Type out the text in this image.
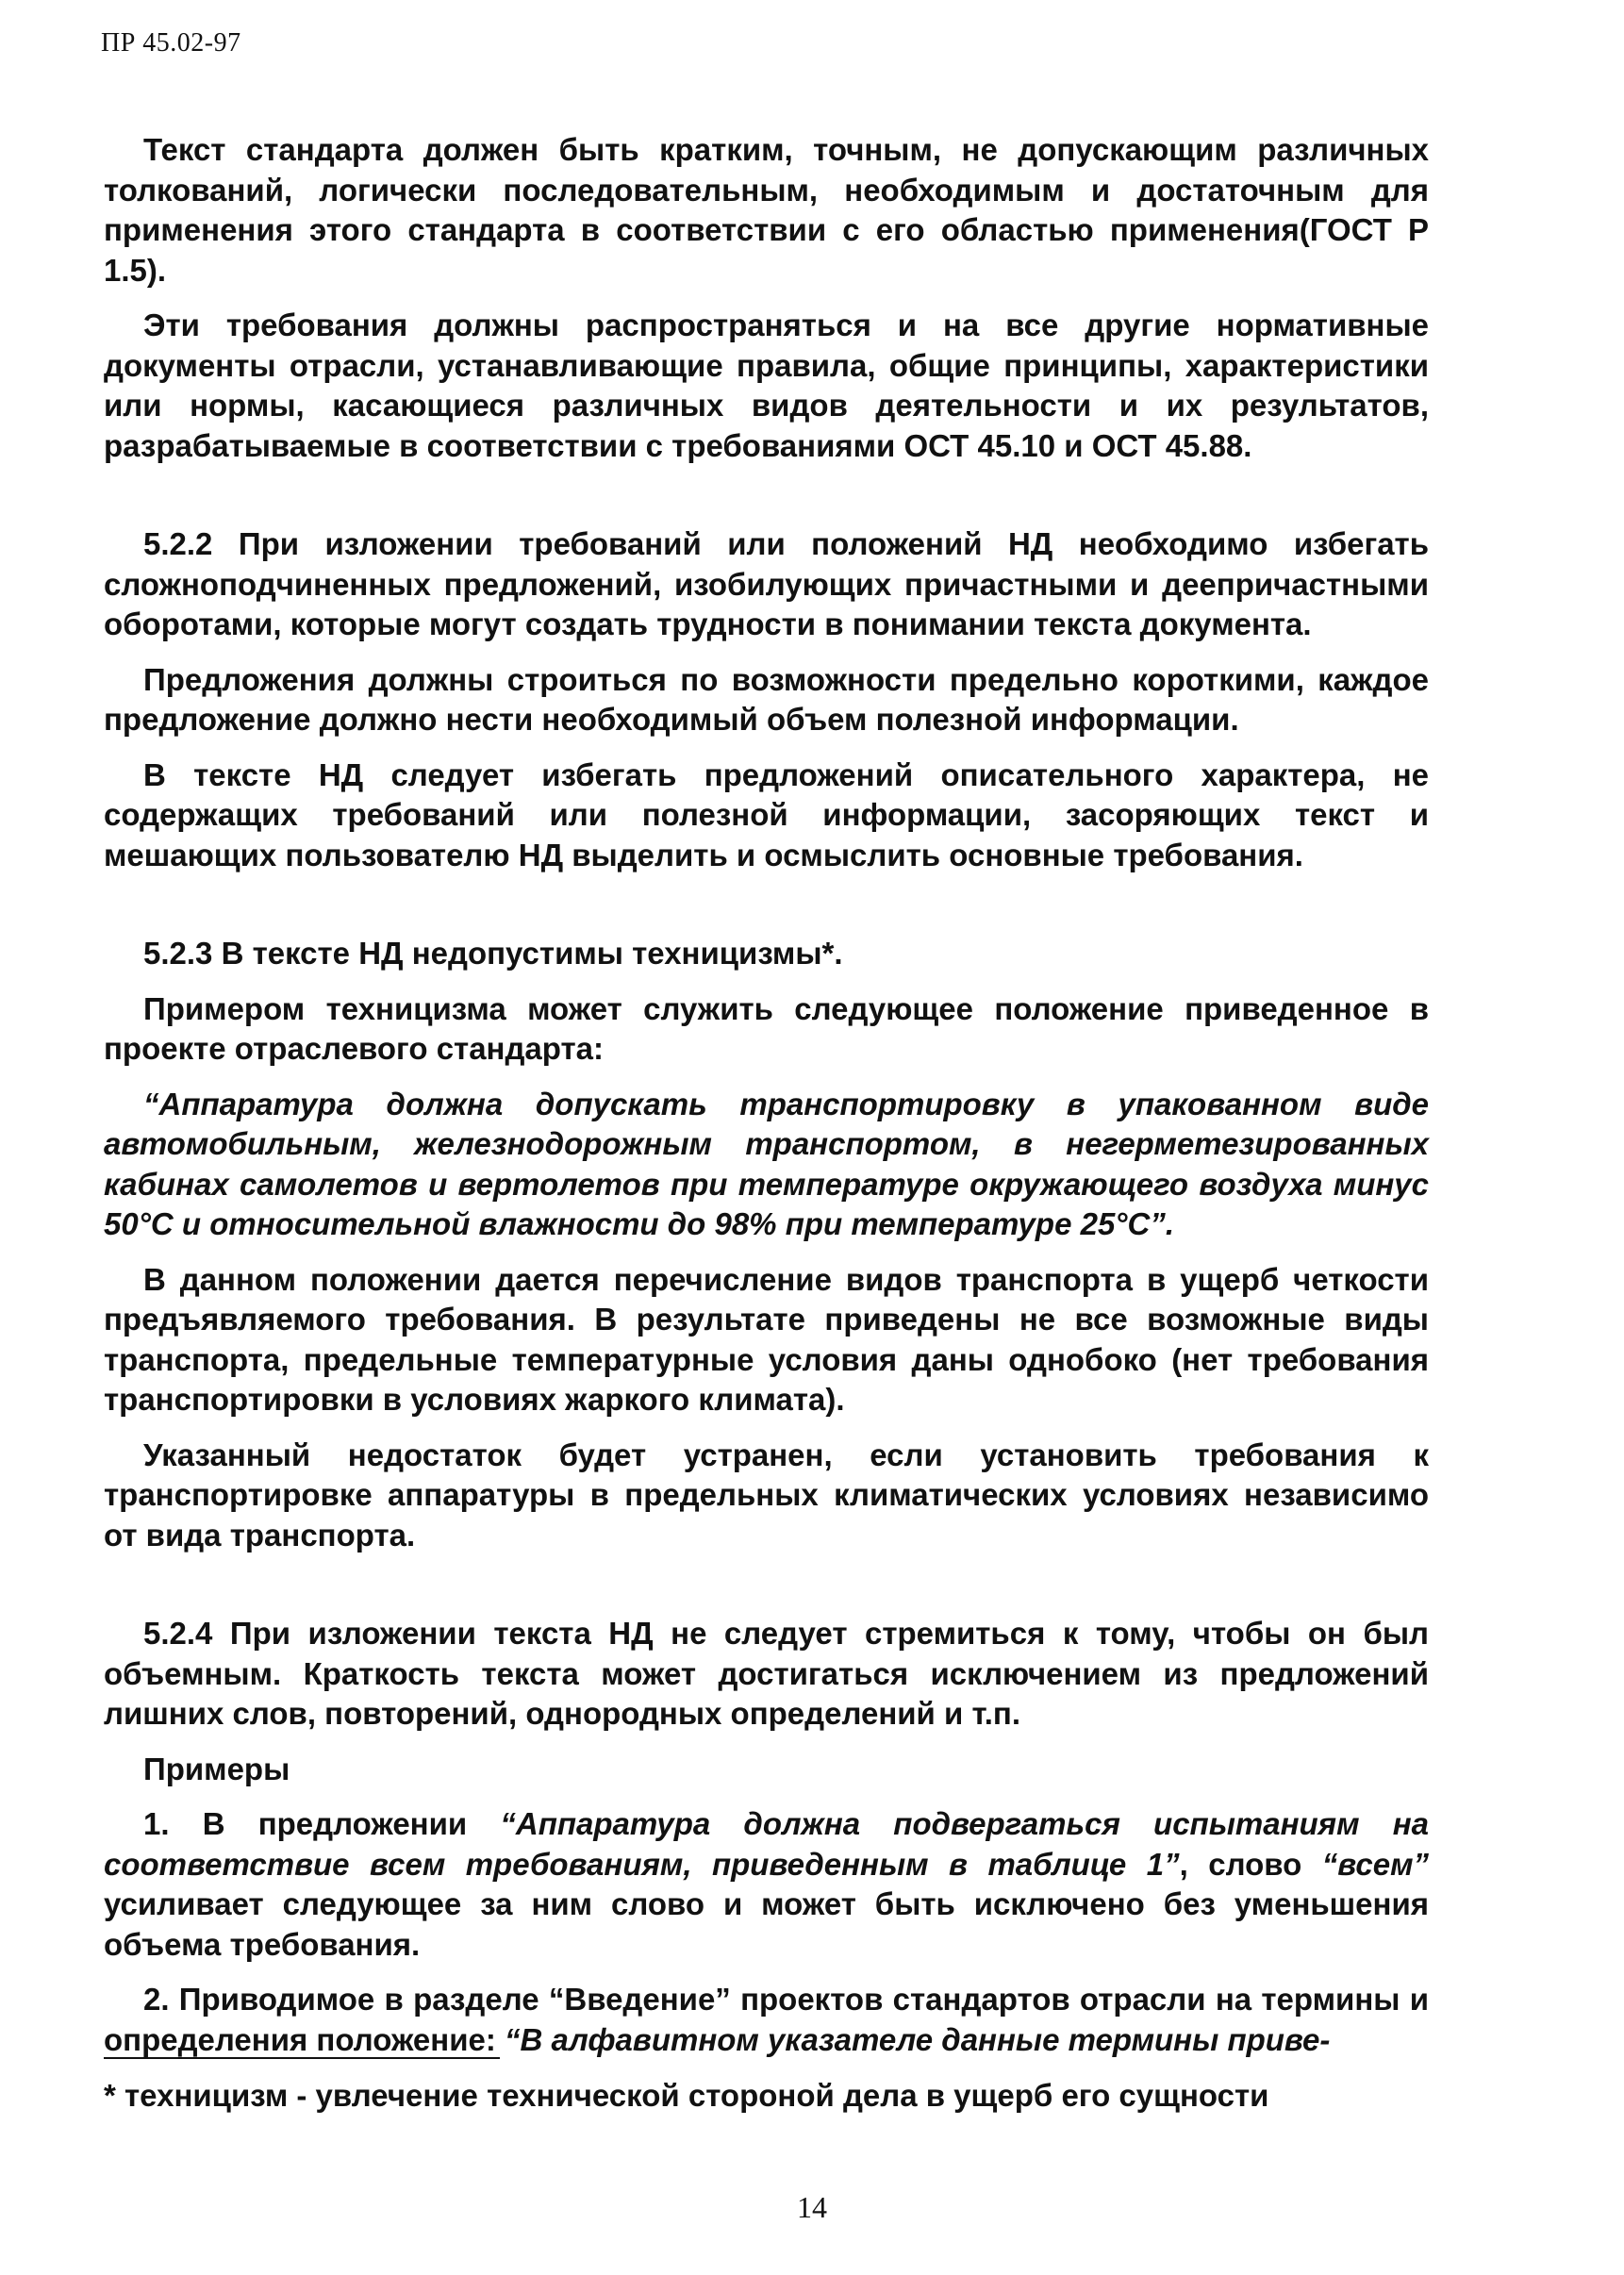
ПР 45.02-97

Текст стандарта должен быть кратким, точным, не допускающим различных толкований, логически последовательным, необходимым и достаточным для применения этого стандарта в соответствии с его областью применения(ГОСТ Р 1.5).

Эти требования должны распространяться и на все другие нормативные документы отрасли, устанавливающие правила, общие принципы, характеристики или нормы, касающиеся различных видов деятельности и их результатов, разрабатываемые в соответствии с требованиями ОСТ 45.10 и ОСТ 45.88.

5.2.2 При изложении требований или положений НД необходимо избегать сложноподчиненных предложений, изобилующих причастными и деепричастными оборотами, которые могут создать трудности в понимании текста документа.

Предложения должны строиться по возможности предельно короткими, каждое предложение должно нести необходимый объем полезной информации.

В тексте НД следует избегать предложений описательного характера, не содержащих требований или полезной информации, засоряющих текст и мешающих пользователю НД выделить и осмыслить основные требования.

5.2.3 В тексте НД недопустимы техницизмы*.

Примером техницизма может служить следующее положение приведенное в проекте отраслевого стандарта:

“Аппаратура должна допускать транспортировку в упакованном виде автомобильным, железнодорожным транспортом, в негерметезированных кабинах самолетов и вертолетов при температуре окружающего воздуха минус 50°C и относительной влажности до 98% при температуре 25°C”.

В данном положении дается перечисление видов транспорта в ущерб четкости предъявляемого требования. В результате приведены не все возможные виды транспорта, предельные температурные условия даны однобоко (нет требования транспортировки в условиях жаркого климата).

Указанный недостаток будет устранен, если установить требования к транспортировке аппаратуры в предельных климатических условиях независимо от вида транспорта.

5.2.4 При изложении текста НД не следует стремиться к тому, чтобы он был объемным. Краткость текста может достигаться исключением из предложений лишних слов, повторений, однородных определений и т.п.

Примеры

1. В предложении “Аппаратура должна подвергаться испытаниям на соответствие всем требованиям, приведенным в таблице 1”, слово “всем” усиливает следующее за ним слово и может быть исключено без уменьшения объема требования.

2. Приводимое в разделе “Введение” проектов стандартов отрасли на термины и определения положение: “В алфавитном указателе данные термины приве-

* техницизм - увлечение технической стороной дела в ущерб его сущности
14
